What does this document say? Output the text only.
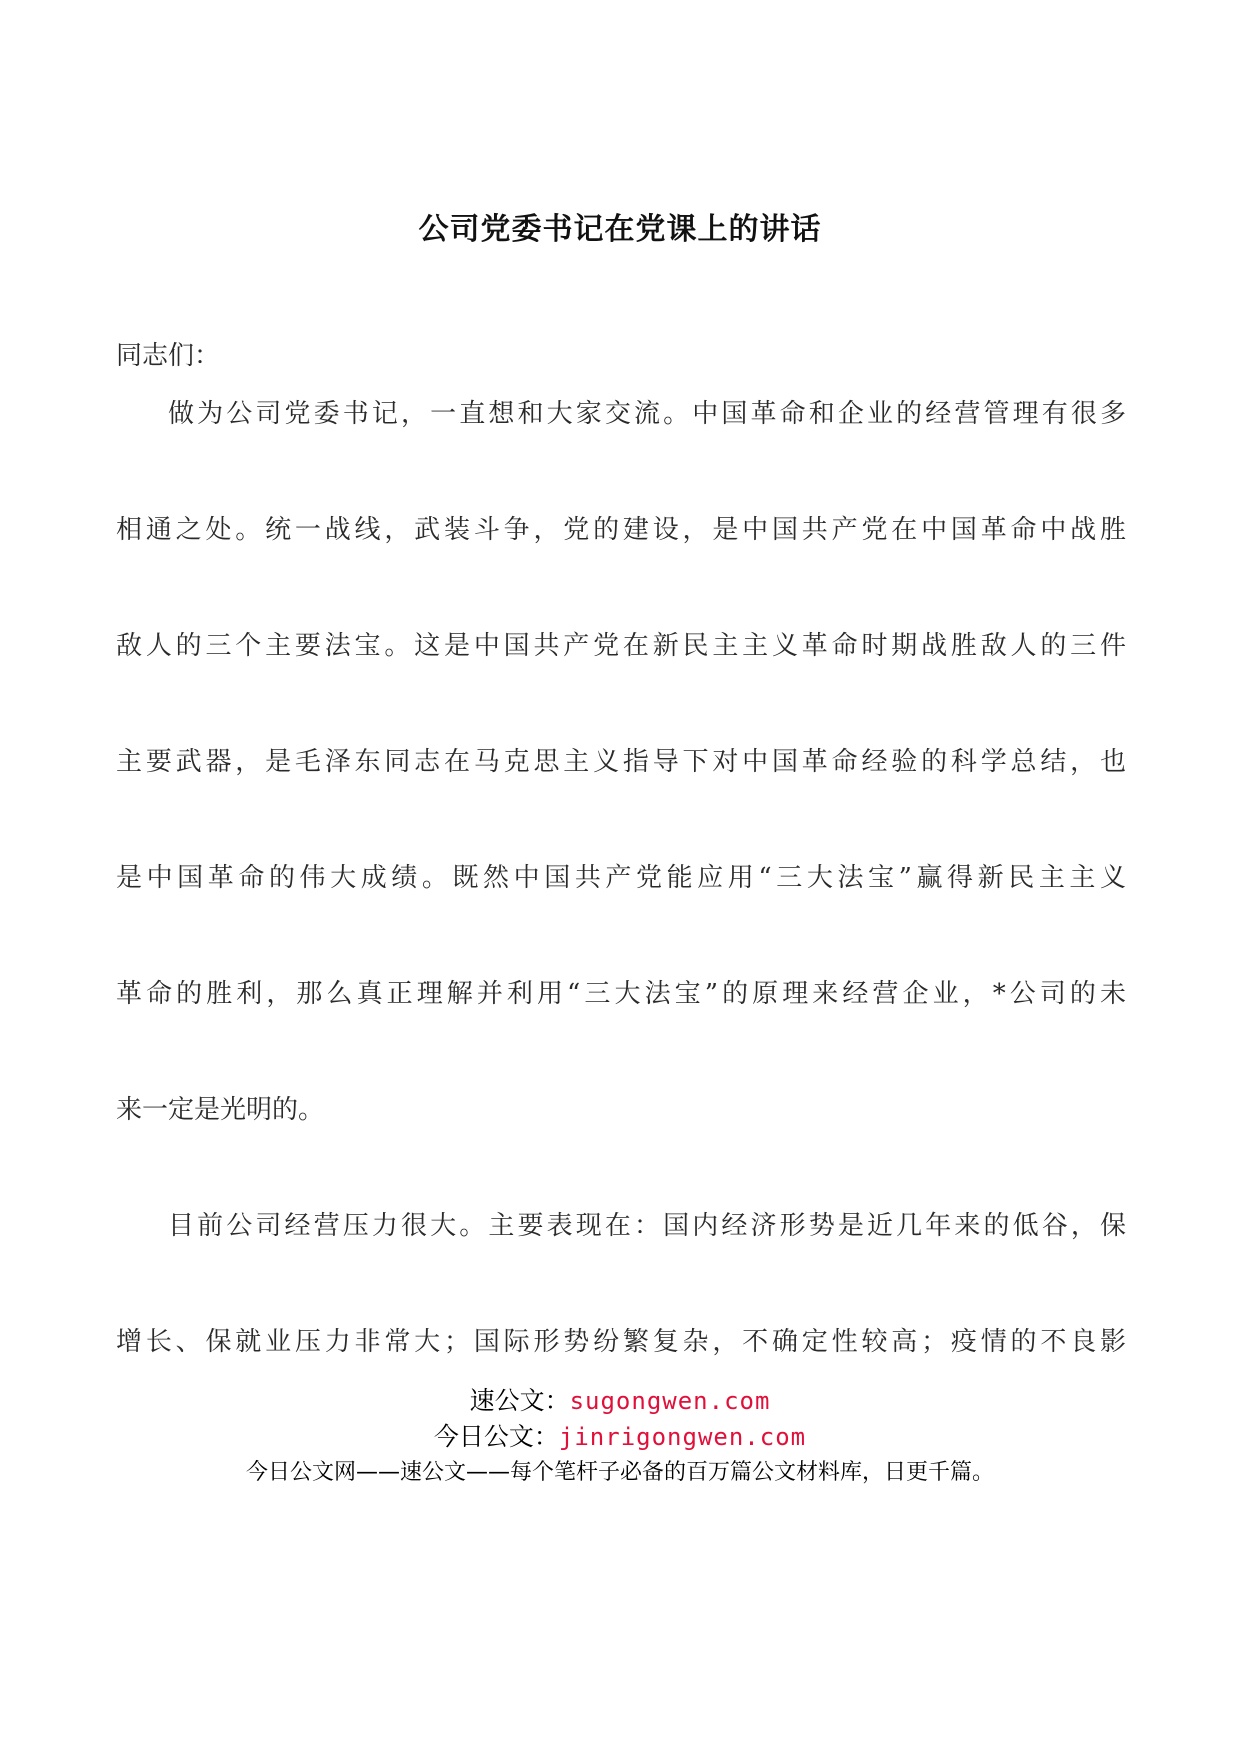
公司党委书记在党课上的讲话
同志们：
做为公司党委书记，一直想和大家交流。中国革命和企业的经营管理有很多
相通之处。统一战线，武装斗争，党的建设，是中国共产党在中国革命中战胜
敌人的三个主要法宝。这是中国共产党在新民主主义革命时期战胜敌人的三件
主要武器，是毛泽东同志在马克思主义指导下对中国革命经验的科学总结，也
是中国革命的伟大成绩。既然中国共产党能应用“三大法宝”赢得新民主主义
革命的胜利，那么真正理解并利用“三大法宝”的原理来经营企业，*公司的未
来一定是光明的。
目前公司经营压力很大。主要表现在：国内经济形势是近几年来的低谷，保
增长、保就业压力非常大；国际形势纷繁复杂，不确定性较高；疫情的不良影
速公文：sugongwen.com
今日公文：jinrigongwen.com
今日公文网——速公文——每个笔杆子必备的百万篇公文材料库，日更千篇。
